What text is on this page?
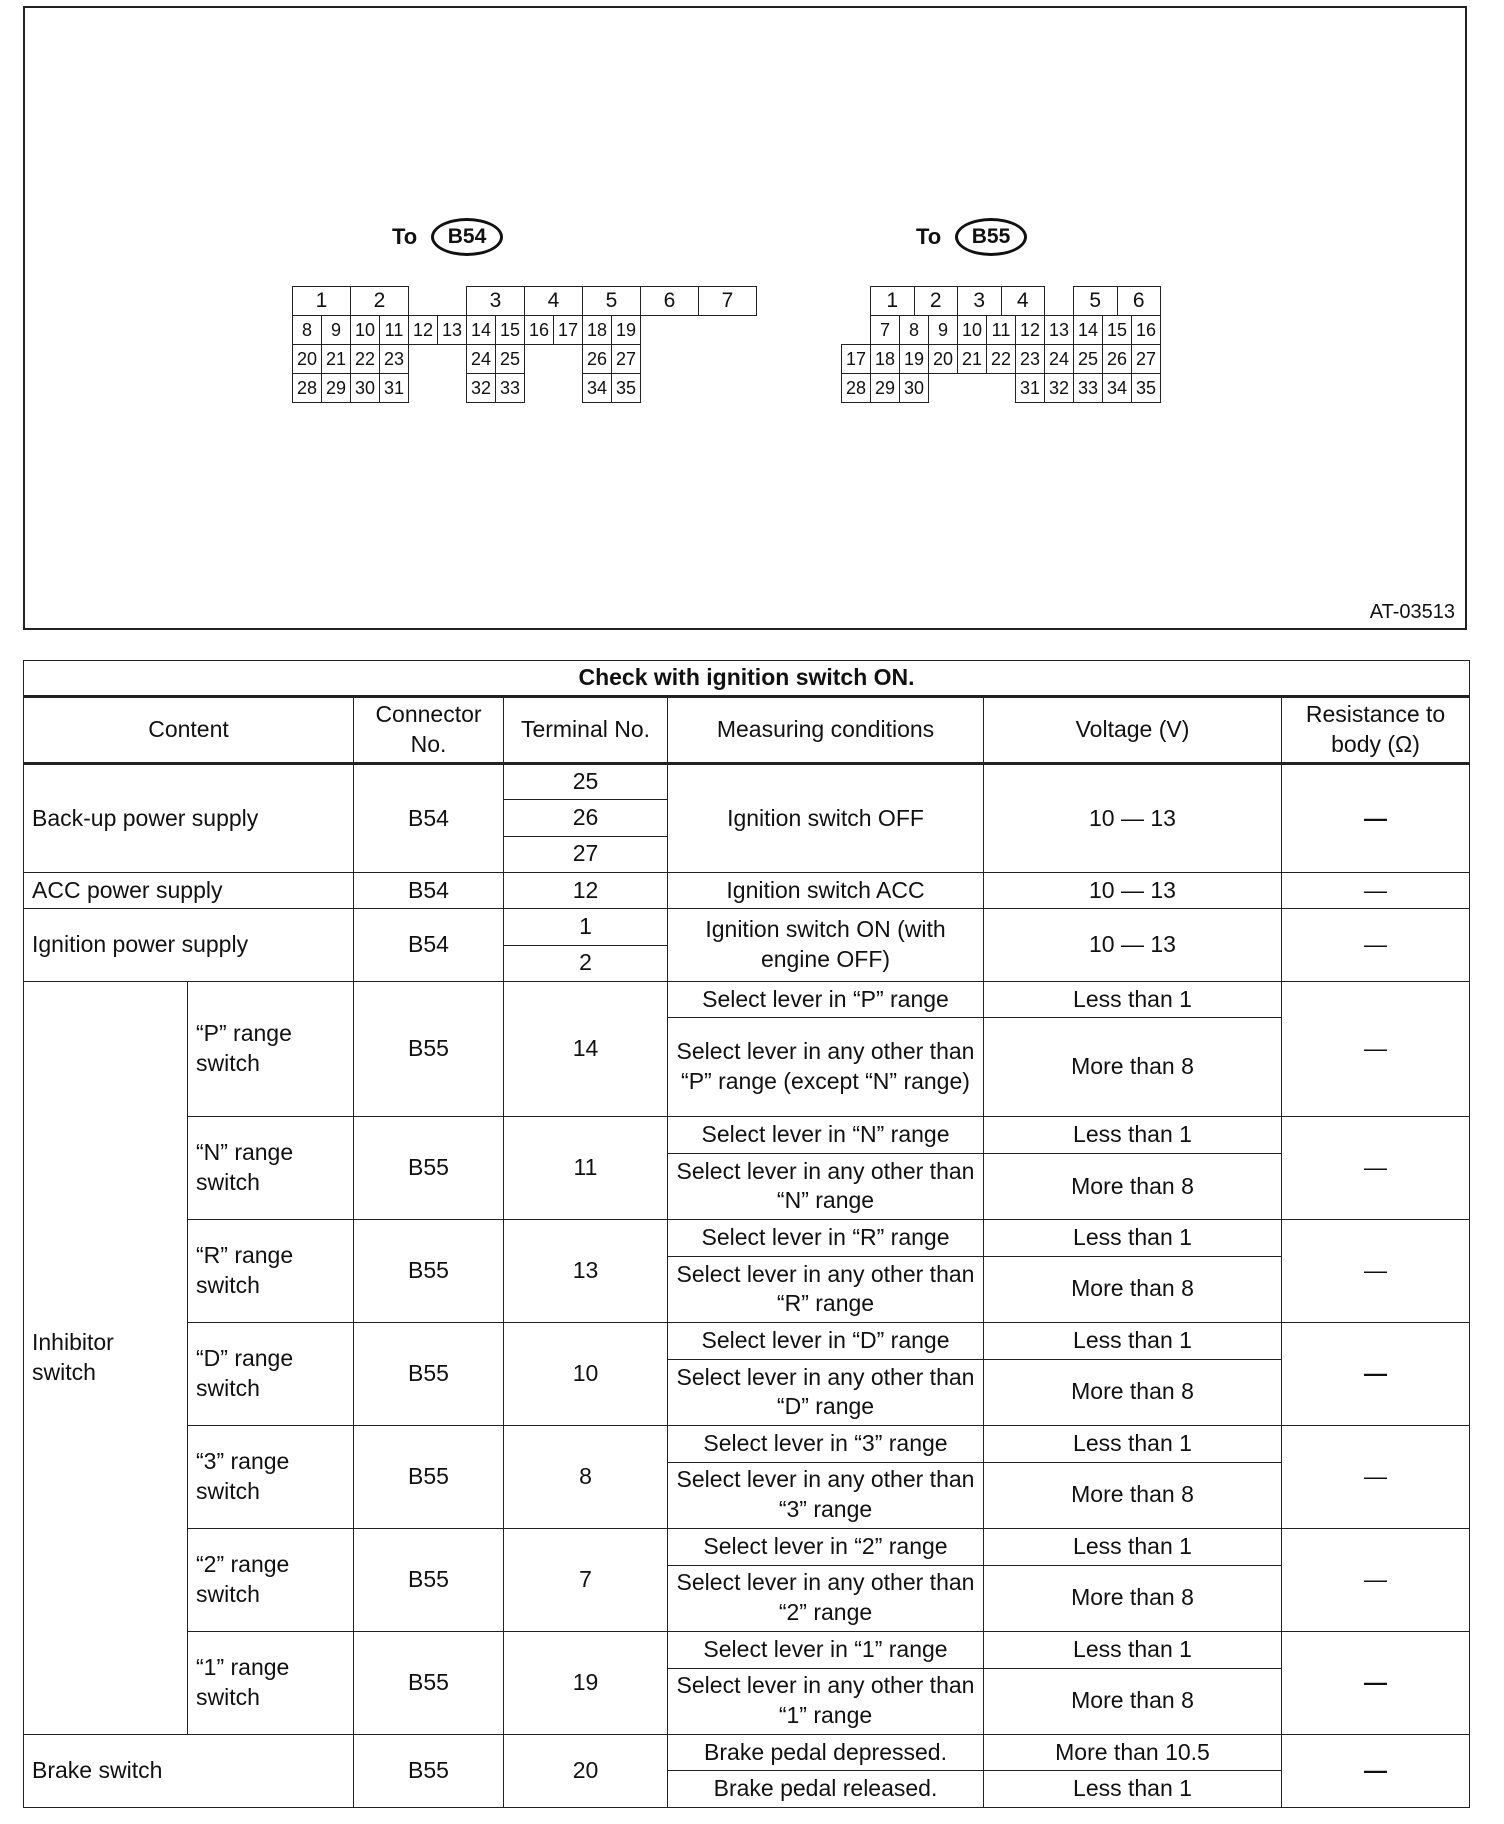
To	B54	To	B55
1	2	3	4	5	6	7
8	9 10 11 12 13 14 15 16 17 18 19
20 21 22 23	24 25	26 27
28 29 30 31	32 33	34 35
1	2	3	4	5	6
7	8	9 10 11 12 13 14 15 16
17 18 19 20 21 22 23 24 25 26 27
28 29 30	31 32 33 34 35
AT-03513
Check with ignition switch ON.						
Content		Connector No.	Terminal No.	Measuring conditions	Voltage (V)	Resistance to body (Ω)
Back-up power supply		B54	25	Ignition switch OFF	10 — 13	—
			26			
			27			
ACC power supply		B54	12	Ignition switch ACC	10 — 13	—
Ignition power supply		B54	1	Ignition switch ON (with engine OFF)	10 — 13	—
			2			
Inhibitor switch	“P” range switch	B55	14	Select lever in “P” range	Less than 1	—
				Select lever in any other than “P” range (except “N” range)	More than 8	
	“N” range switch	B55	11	Select lever in “N” range	Less than 1	—
				Select lever in any other than “N” range	More than 8	
	“R” range switch	B55	13	Select lever in “R” range	Less than 1	—
				Select lever in any other than “R” range	More than 8	
	“D” range switch	B55	10	Select lever in “D” range	Less than 1	—
				Select lever in any other than “D” range	More than 8	
	“3” range switch	B55	8	Select lever in “3” range	Less than 1	—
				Select lever in any other than “3” range	More than 8	
	“2” range switch	B55	7	Select lever in “2” range	Less than 1	—
				Select lever in any other than “2” range	More than 8	
	“1” range switch	B55	19	Select lever in “1” range	Less than 1	—
				Select lever in any other than “1” range	More than 8	
Brake switch		B55	20	Brake pedal depressed.	More than 10.5	—
				Brake pedal released.	Less than 1	
